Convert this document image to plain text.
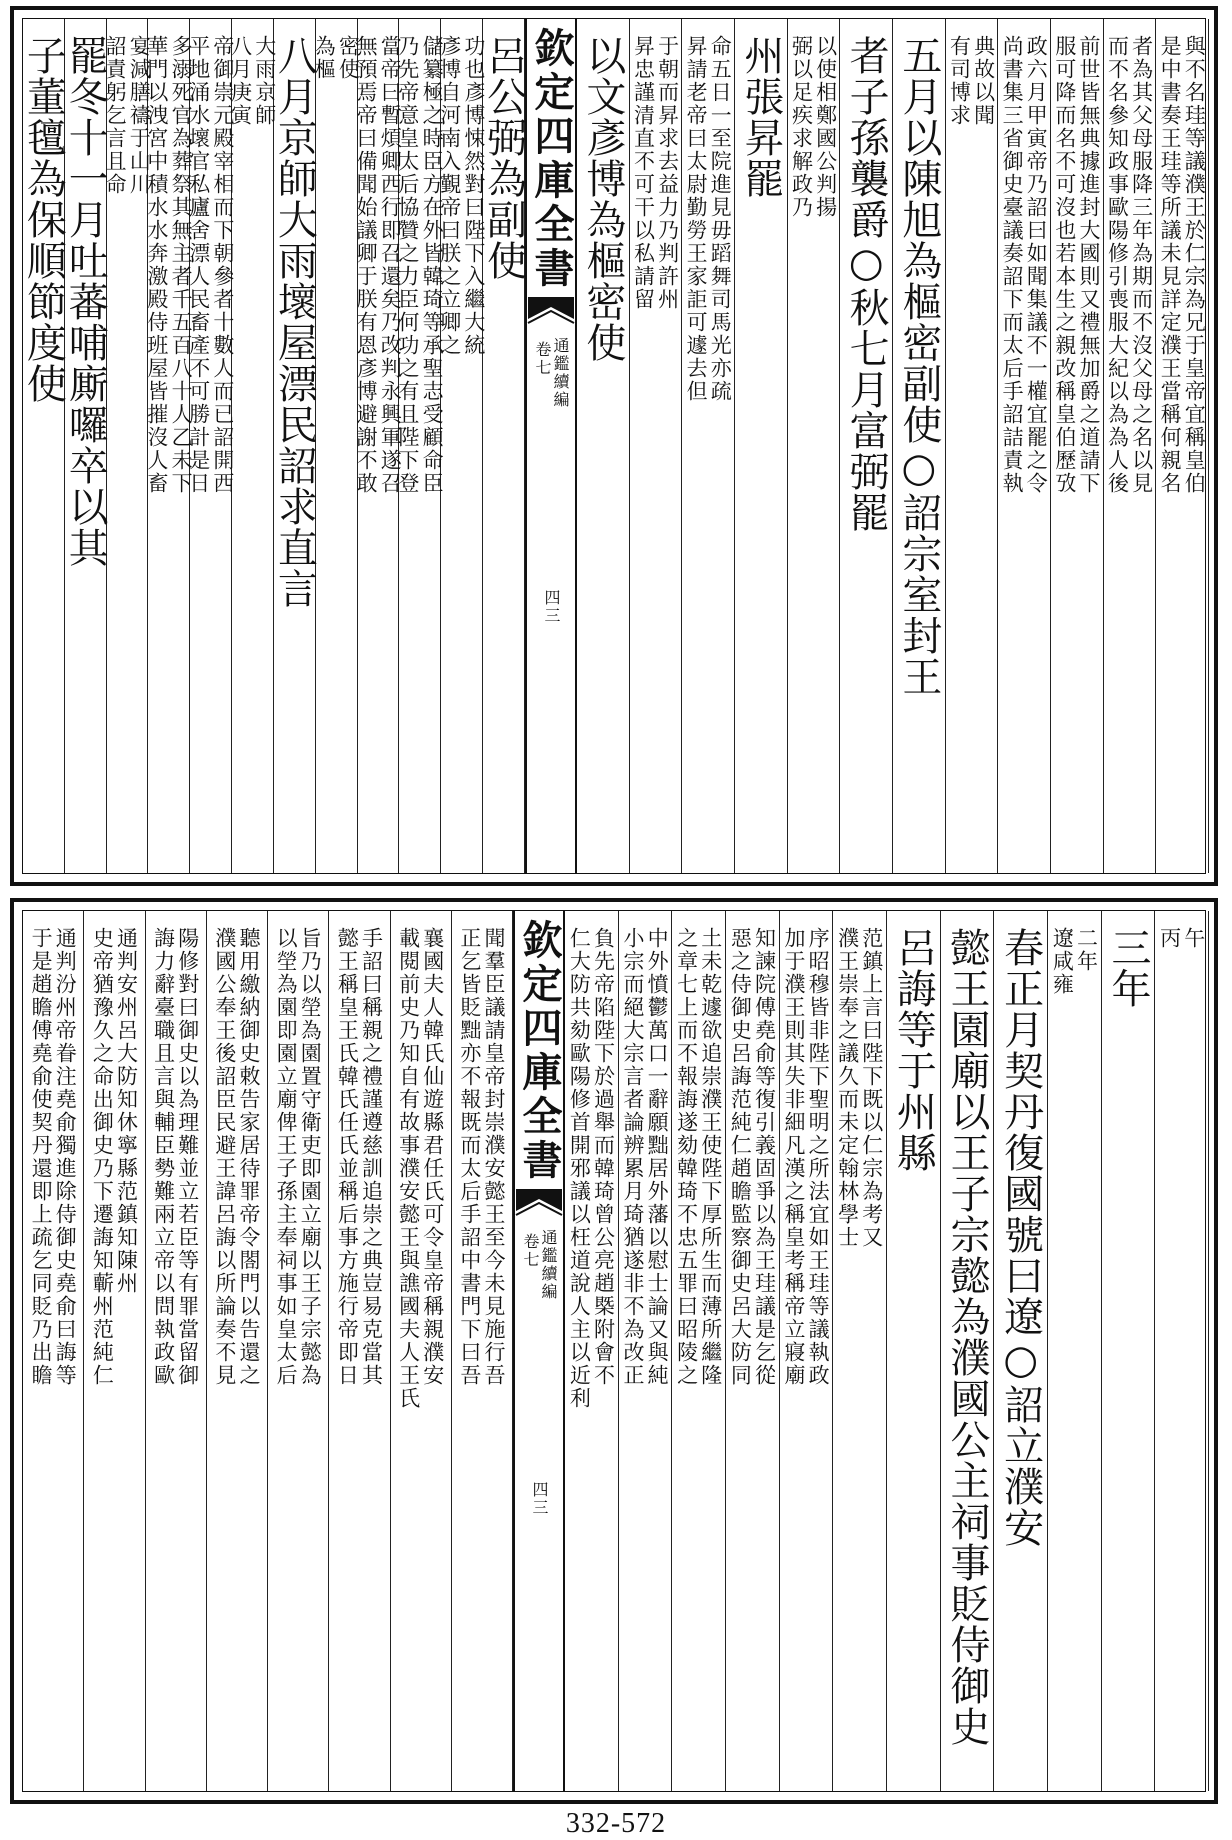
是中書奏王珪等所議未見詳定濮王當稱何親名 與不名珪等議濮王於仁宗為兄于皇帝宜稱皇伯
而不名參知政事歐陽修引喪服大紀以為為人後 者為其父母服降三年為期而不沒父母之名以見
服可降而名不可沒也若本生之親改稱皇伯歷攷 前世皆無典據進封大國則又禮無加爵之道請下
尚書集三省御史臺議奏詔下而太后手詔詰責執 政六月甲寅帝乃詔曰如聞集議不一權宜罷之令
有司博求 典故以聞
五月以陳旭為樞密副使○詔宗室封王
者子孫襲爵○秋七月富弼罷
弼以足疾求解政乃 以使相鄭國公判揚
州張昇罷
昇請老帝曰太尉勤勞王家詎可遽去但 命五日一至院進見毋蹈舞司馬光亦疏
昇忠謹清直不可干以私請留 于朝而昇求去益力乃判許州
以文彥博為樞密使
呂公弼為副使
彥博自河南入覲帝曰朕之立卿之 功也彥博悚然對曰陛下入繼大統
乃先帝意皇太后協贊之力臣何功之有且陛下登 儲纂極之時臣方在外皆韓琦等承聖志受顧命臣
無預焉帝曰備聞始議卿于朕有恩彥博避謝不敢 當帝曰暫煩卿西行即召還矣乃改判永興軍遂召
為樞 密使
八月京師大雨壞屋漂民詔求直言
八月庚寅 大雨京師
平地涌水壞官私廬舍漂人民畜產不可勝計是日 帝御崇元殿宰相而下朝參者十數人而已詔開西
華門以洩宮中積水水奔激殿侍班屋皆摧沒人畜 多溺死官為葬祭其無主者千五百八十人乙未下
詔責躬乞言且命 宴減膳禱于山川
罷冬十一月吐蕃哺廝囉卒以其
子董氊為保順節度使	欽定四庫全書
通鑑續編
卷七
四三
丙 午
三年
遼咸雍 二年
春正月契丹復國號曰遼○詔立濮安
懿王園廟以王子宗懿為濮國公主祠事貶侍御史
呂誨等于州縣
濮王崇奉之議久而未定翰林學士 范鎮上言曰陛下既以仁宗為考又
加于濮王則其失非細凡漢之稱皇考稱帝立寢廟 序昭穆皆非陛下聖明之所法宜如王珪等議執政
惡之侍御史呂誨范純仁趙瞻監察御史呂大防同 知諫院傅堯俞等復引義固爭以為王珪議是乞從
之章七上而不報誨遂劾韓琦不忠五罪曰昭陵之 土未乾遽欲追崇濮王使陛下厚所生而薄所繼隆
小宗而絕大宗言者論辨累月琦猶遂非不為改正 中外憤鬱萬口一辭願黜居外藩以慰士論又與純
仁大防共劾歐陽修首開邪議以枉道說人主以近利 負先帝陷陛下於過舉而韓琦曾公亮趙槩附會不
正乞皆貶黜亦不報既而太后手詔中書門下曰吾 聞羣臣議請皇帝封崇濮安懿王至今未見施行吾
載閱前史乃知自有故事濮安懿王與譙國夫人王氏 襄國夫人韓氏仙遊縣君任氏可令皇帝稱親濮安
懿王稱皇王氏韓氏任氏並稱后事方施行帝即日 手詔曰稱親之禮謹遵慈訓追崇之典豈易克當其
以塋為園即園立廟俾王子孫主奉祠事如皇太后 旨乃以塋為園置守衛吏即園立廟以王子宗懿為
濮國公奉王後詔臣民避王諱呂誨以所論奏不見 聽用繳納御史敕告家居待罪帝令閤門以告還之
誨力辭臺職且言與輔臣勢難兩立帝以問執政歐 陽修對曰御史以為理難並立若臣等有罪當留御
史帝猶豫久之命出御史乃下遷誨知蘄州范純仁 通判安州呂大防知休寧縣范鎮知陳州
于是趙瞻傅堯俞使契丹還即上疏乞同貶乃出瞻 通判汾州帝眷注堯俞獨進除侍御史堯俞曰誨等	欽定四庫全書
通鑑續編
卷七
四三
332-572
